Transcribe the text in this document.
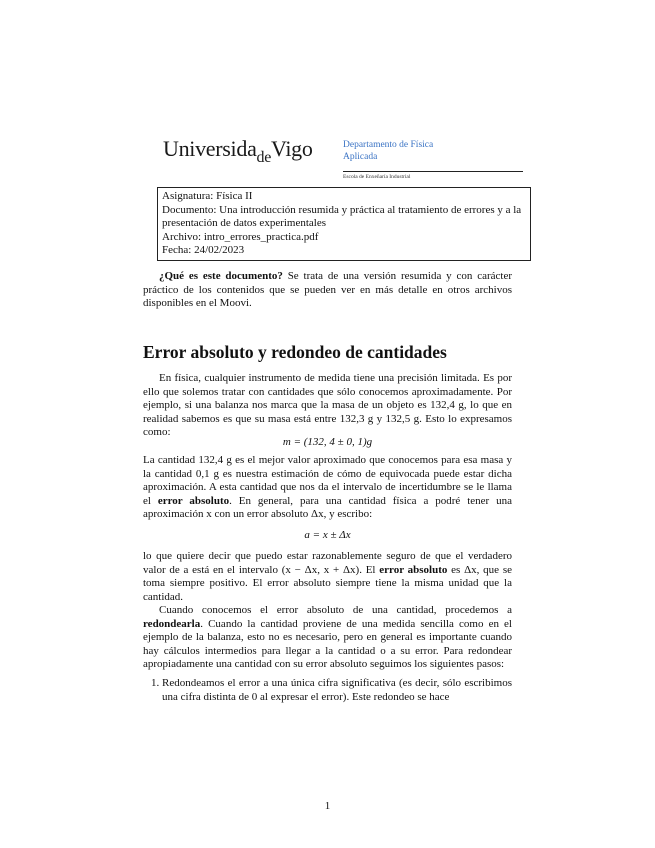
Universida$_{de}$Vigo	Departamento de Física
Aplicada
Escola de Enxeñaría Industrial
Asignatura: Física II
Documento: Una introducción resumida y práctica al tratamiento de errores y a la presentación de datos experimentales
Archivo: intro_errores_practica.pdf
Fecha: 24/02/2023
¿Qué es este documento? Se trata de una versión resumida y con carácter práctico de los contenidos que se pueden ver en más detalle en otros archivos disponibles en el Moovi.
Error absoluto y redondeo de cantidades
En física, cualquier instrumento de medida tiene una precisión limitada. Es por ello que solemos tratar con cantidades que sólo conocemos aproximadamente. Por ejemplo, si una balanza nos marca que la masa de un objeto es 132,4 g, lo que en realidad sabemos es que su masa está entre 132,3 g y 132,5 g. Esto lo expresamos como:
m = (132, 4 ± 0, 1)g
La cantidad 132,4 g es el mejor valor aproximado que conocemos para esa masa y la cantidad 0,1 g es nuestra estimación de cómo de equivocada puede estar dicha aproximación. A esta cantidad que nos da el intervalo de incertidumbre se le llama el error absoluto. En general, para una cantidad física a podré tener una aproximación x con un error absoluto Δx, y escribo:
a = x ± Δx
lo que quiere decir que puedo estar razonablemente seguro de que el verdadero valor de a está en el intervalo (x − Δx, x + Δx). El error absoluto es Δx, que se toma siempre positivo. El error absoluto siempre tiene la misma unidad que la cantidad.
Cuando conocemos el error absoluto de una cantidad, procedemos a redondearla. Cuando la cantidad proviene de una medida sencilla como en el ejemplo de la balanza, esto no es necesario, pero en general es importante cuando hay cálculos intermedios para llegar a la cantidad o a su error. Para redondear apropiadamente una cantidad con su error absoluto seguimos los siguientes pasos:
1. Redondeamos el error a una única cifra significativa (es decir, sólo escribimos una cifra distinta de 0 al expresar el error). Este redondeo se hace
1
